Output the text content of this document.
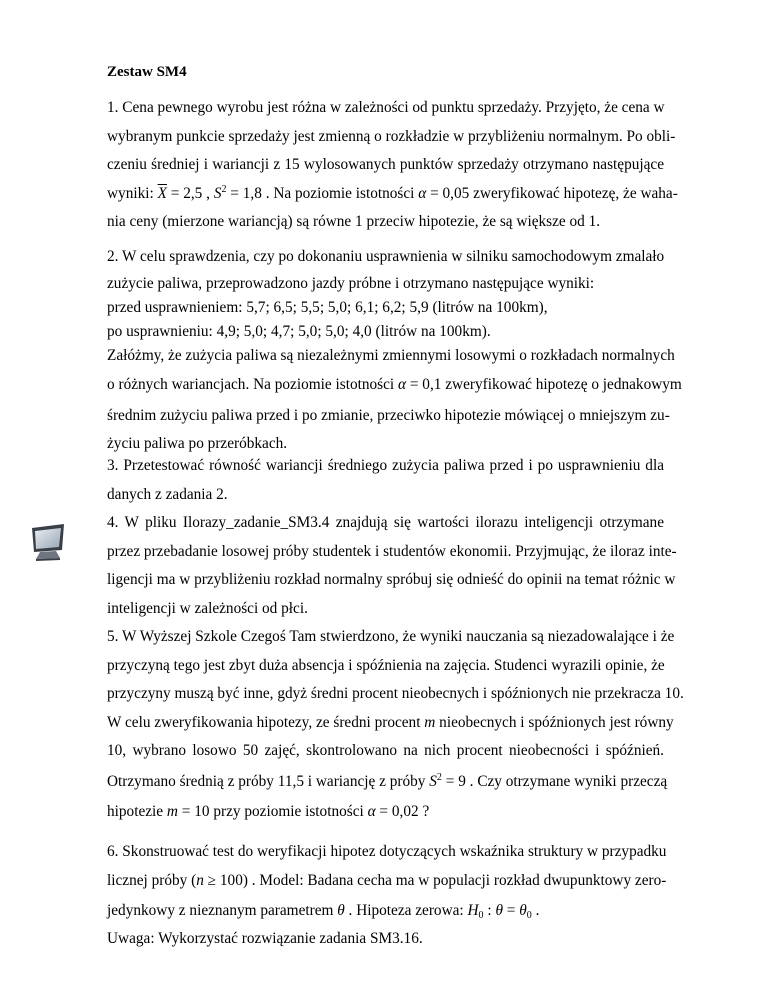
Zestaw SM4
1. Cena pewnego wyrobu jest różna w zależności od punktu sprzedaży. Przyjęto, że cena w
wybranym punkcie sprzedaży jest zmienną o rozkładzie w przybliżeniu normalnym. Po obli-
czeniu średniej i wariancji z 15 wylosowanych punktów sprzedaży otrzymano następujące
wyniki: $\overline{X} = 2,5$ , $S^2 = 1,8$ . Na poziomie istotności α = 0,05 zweryfikować hipotezę, że waha-
nia ceny (mierzone wariancją) są równe 1 przeciw hipotezie, że są większe od 1.
2. W celu sprawdzenia, czy po dokonaniu usprawnienia w silniku samochodowym zmalało
zużycie paliwa, przeprowadzono jazdy próbne i otrzymano następujące wyniki:
przed usprawnieniem: 5,7; 6,5; 5,5; 5,0; 6,1; 6,2; 5,9 (litrów na 100km),
po usprawnieniu: 4,9; 5,0; 4,7; 5,0; 5,0; 4,0 (litrów na 100km).
Załóżmy, że zużycia paliwa są niezależnymi zmiennymi losowymi o rozkładach normalnych
o różnych wariancjach. Na poziomie istotności α = 0,1 zweryfikować hipotezę o jednakowym
średnim zużyciu paliwa przed i po zmianie, przeciwko hipotezie mówiącej o mniejszym zu-
życiu paliwa po przeróbkach.
3. Przetestować równość wariancji średniego zużycia paliwa przed i po usprawnieniu dla
danych z zadania 2.
4. W pliku Ilorazy_zadanie_SM3.4 znajdują się wartości ilorazu inteligencji otrzymane
przez przebadanie losowej próby studentek i studentów ekonomii. Przyjmując, że iloraz inte-
ligencji ma w przybliżeniu rozkład normalny spróbuj się odnieść do opinii na temat różnic w
inteligencji w zależności od płci.
5. W Wyższej Szkole Czegoś Tam stwierdzono, że wyniki nauczania są niezadowalające i że
przyczyną tego jest zbyt duża absencja i spóźnienia na zajęcia. Studenci wyrazili opinie, że
przyczyny muszą być inne, gdyż średni procent nieobecnych i spóźnionych nie przekracza 10.
W celu zweryfikowania hipotezy, ze średni procent m nieobecnych i spóźnionych jest równy
10, wybrano losowo 50 zajęć, skontrolowano na nich procent nieobecności i spóźnień.
Otrzymano średnią z próby 11,5 i wariancję z próby $S^2 = 9$ . Czy otrzymane wyniki przeczą
hipotezie m = 10 przy poziomie istotności α = 0,02 ?
6. Skonstruować test do weryfikacji hipotez dotyczących wskaźnika struktury w przypadku
licznej próby (n ≥ 100) . Model: Badana cecha ma w populacji rozkład dwupunktowy zero-
jedynkowy z nieznanym parametrem θ . Hipoteza zerowa: $H_0$ : $\theta = \theta_0$ .
Uwaga: Wykorzystać rozwiązanie zadania SM3.16.
